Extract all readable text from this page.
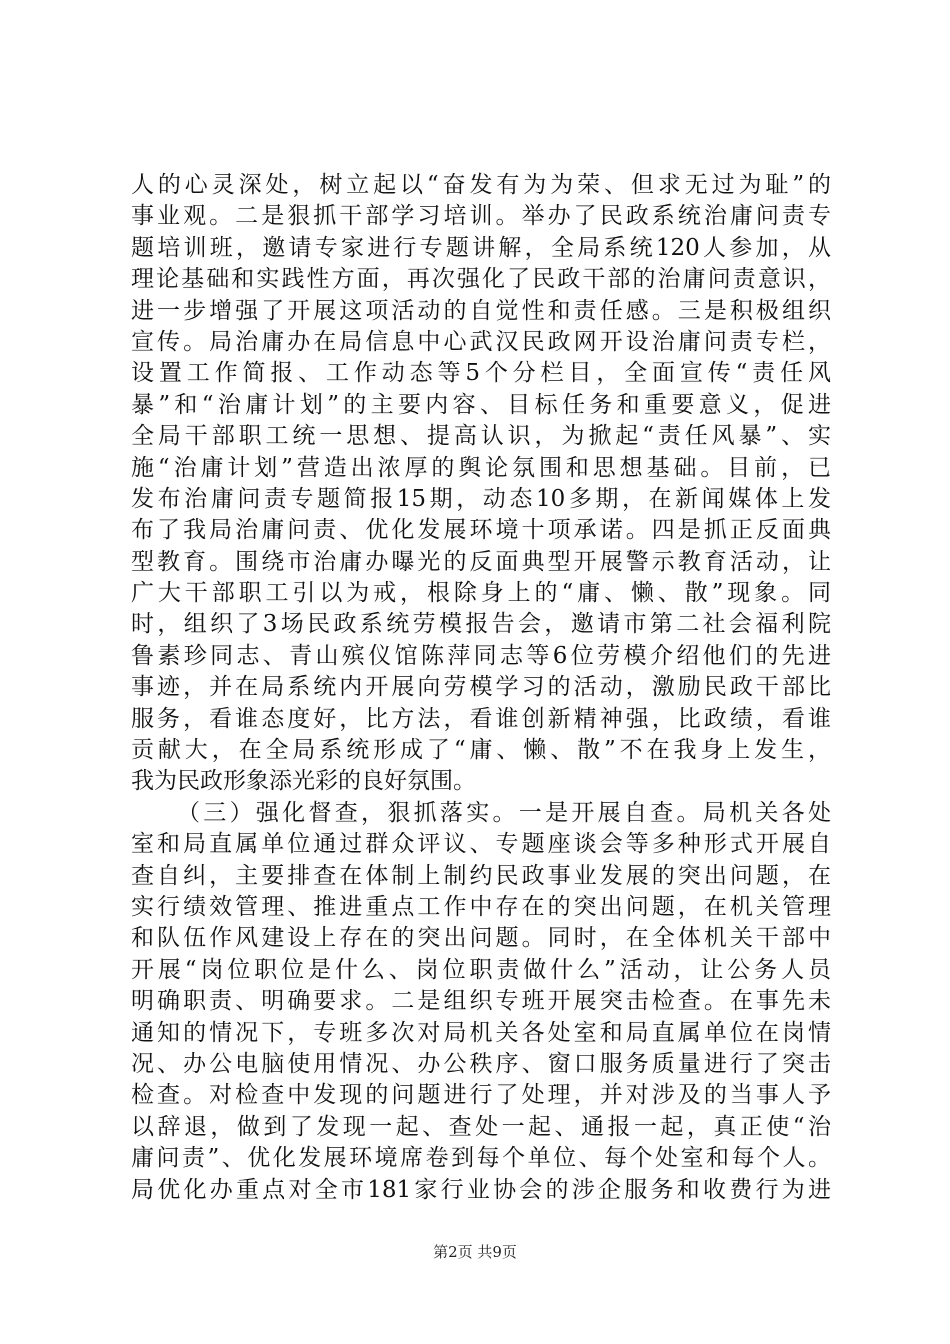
人的心灵深处，树立起以“奋发有为为荣、但求无过为耻”的
事业观。二是狠抓干部学习培训。举办了民政系统治庸问责专
题培训班，邀请专家进行专题讲解，全局系统120人参加，从
理论基础和实践性方面，再次强化了民政干部的治庸问责意识，
进一步增强了开展这项活动的自觉性和责任感。三是积极组织
宣传。局治庸办在局信息中心武汉民政网开设治庸问责专栏，
设置工作简报、工作动态等5个分栏目，全面宣传“责任风
暴”和“治庸计划”的主要内容、目标任务和重要意义，促进
全局干部职工统一思想、提高认识，为掀起“责任风暴”、实
施“治庸计划”营造出浓厚的舆论氛围和思想基础。目前，已
发布治庸问责专题简报15期，动态10多期，在新闻媒体上发
布了我局治庸问责、优化发展环境十项承诺。四是抓正反面典
型教育。围绕市治庸办曝光的反面典型开展警示教育活动，让
广大干部职工引以为戒，根除身上的“庸、懒、散”现象。同
时，组织了3场民政系统劳模报告会，邀请市第二社会福利院
鲁素珍同志、青山殡仪馆陈萍同志等6位劳模介绍他们的先进
事迹，并在局系统内开展向劳模学习的活动，激励民政干部比
服务，看谁态度好，比方法，看谁创新精神强，比政绩，看谁
贡献大，在全局系统形成了“庸、懒、散”不在我身上发生，
我为民政形象添光彩的良好氛围。
（三）强化督查，狠抓落实。一是开展自查。局机关各处
室和局直属单位通过群众评议、专题座谈会等多种形式开展自
查自纠，主要排查在体制上制约民政事业发展的突出问题，在
实行绩效管理、推进重点工作中存在的突出问题，在机关管理
和队伍作风建设上存在的突出问题。同时，在全体机关干部中
开展“岗位职位是什么、岗位职责做什么”活动，让公务人员
明确职责、明确要求。二是组织专班开展突击检查。在事先未
通知的情况下，专班多次对局机关各处室和局直属单位在岗情
况、办公电脑使用情况、办公秩序、窗口服务质量进行了突击
检查。对检查中发现的问题进行了处理，并对涉及的当事人予
以辞退，做到了发现一起、查处一起、通报一起，真正使“治
庸问责”、优化发展环境席卷到每个单位、每个处室和每个人。
局优化办重点对全市181家行业协会的涉企服务和收费行为进
第2页 共9页
